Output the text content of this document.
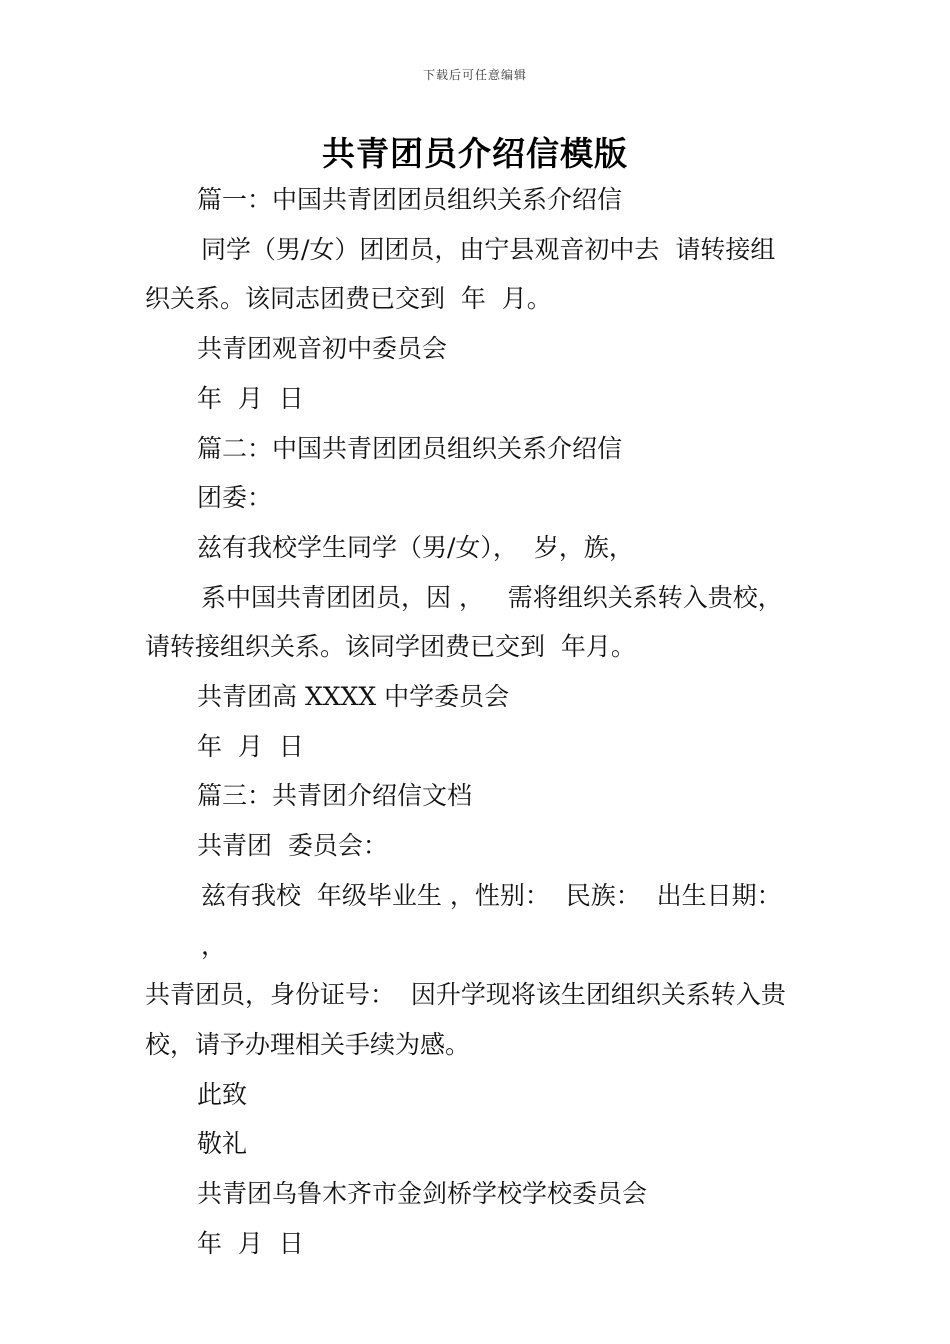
下载后可任意编辑
共青团员介绍信模版

篇一：中国共青团团员组织关系介绍信

同学（男/女）团团员，由宁县观音初中去  请转接组

织关系。该同志团费已交到  年  月。

共青团观音初中委员会

年  月  日

篇二：中国共青团团员组织关系介绍信

团委：

兹有我校学生同学（男/女），  岁，族，

系中国共青团团员，因 ，   需将组织关系转入贵校，

请转接组织关系。该同学团费已交到  年月。

共青团高 XXXX 中学委员会

年  月  日

篇三：共青团介绍信文档

共青团  委员会：

兹有我校  年级毕业生 ，性别：  民族：  出生日期：   ，

共青团员，身份证号：  因升学现将该生团组织关系转入贵

校，请予办理相关手续为感。

此致

敬礼

共青团乌鲁木齐市金剑桥学校学校委员会

年  月  日
